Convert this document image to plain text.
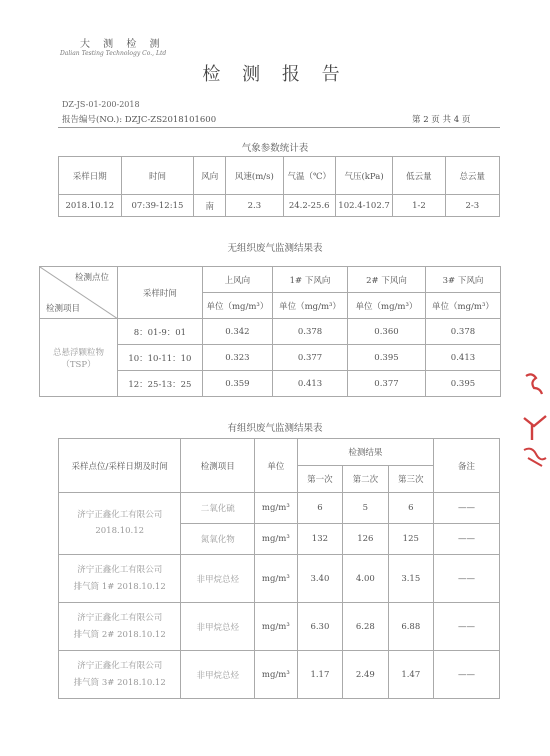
大 测 检 测
Dalian Testing Technology Co., Ltd
检 测 报 告
DZ-JS-01-200-2018
报告编号(NO.): DZJC-ZS2018101600	第 2 页 共 4 页
气象参数统计表
采样日期	时间	风向	风速(m/s)	气温（℃）	气压(kPa)	低云量	总云量
2018.10.12	07:39-12:15	南	2.3	24.2-25.6	102.4-102.7	1-2	2-3
无组织废气监测结果表
检测点位
检测项目	采样时间	上风向	1# 下风向	2# 下风向	3# 下风向
		单位（mg/m³）	单位（mg/m³）	单位（mg/m³）	单位（mg/m³）
总悬浮颗粒物（TSP）	8：01-9：01	0.342	0.378	0.360	0.378
	10：10-11：10	0.323	0.377	0.395	0.413
	12：25-13：25	0.359	0.413	0.377	0.395
有组织废气监测结果表
采样点位/采样日期及时间	检测项目	单位	检测结果			备注
			第一次	第二次	第三次	

济宁正鑫化工有限公司
2018.10.12	二氧化硫	mg/m³	6	5	6	——
	氮氧化物	mg/m³	132	126	125	——

济宁正鑫化工有限公司
排气筒 1# 2018.10.12	非甲烷总烃	mg/m³	3.40	4.00	3.15	——

济宁正鑫化工有限公司
排气筒 2# 2018.10.12	非甲烷总烃	mg/m³	6.30	6.28	6.88	——

济宁正鑫化工有限公司
排气筒 3# 2018.10.12	非甲烷总烃	mg/m³	1.17	2.49	1.47	——
